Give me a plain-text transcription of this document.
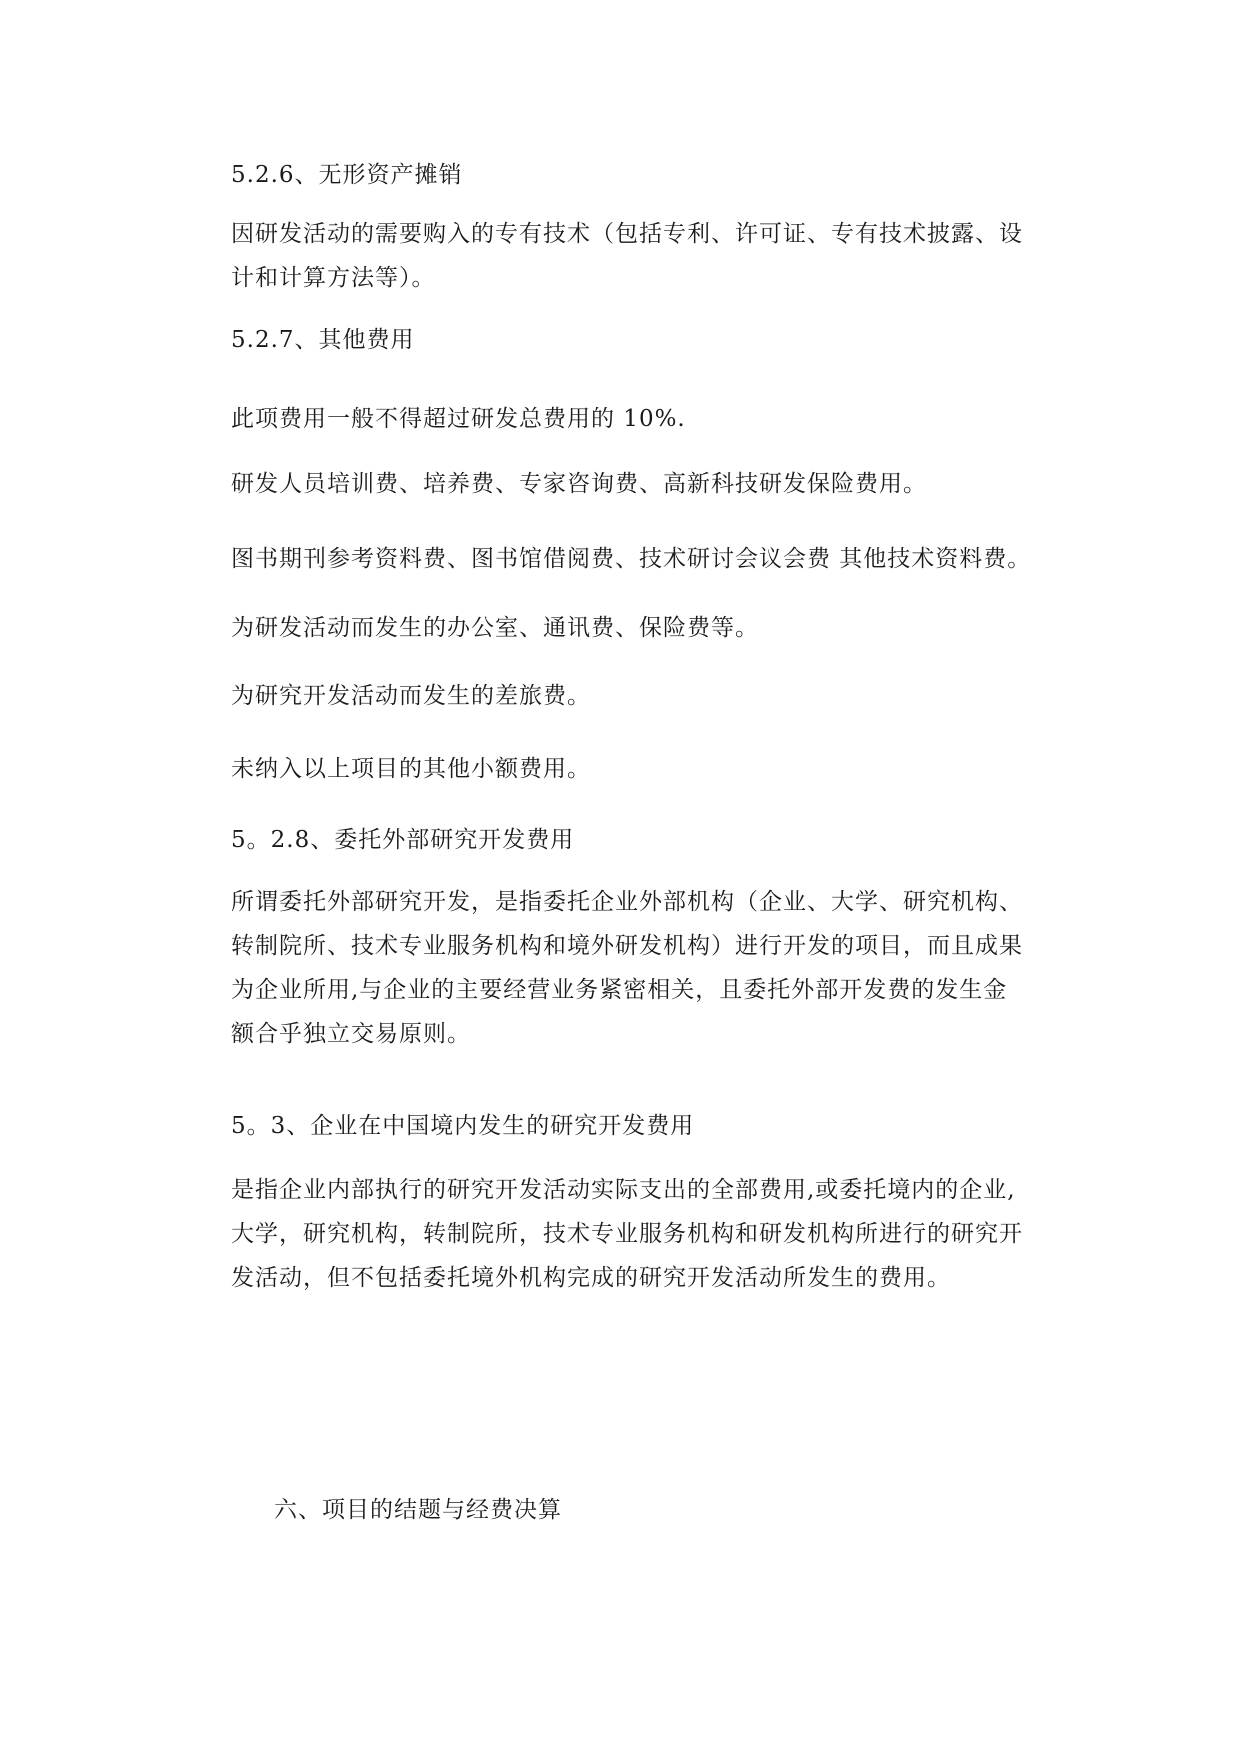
5.2.6、无形资产摊销

因研发活动的需要购入的专有技术（包括专利、许可证、专有技术披露、设
计和计算方法等）。

5.2.7、其他费用

此项费用一般不得超过研发总费用的 10%.

研发人员培训费、培养费、专家咨询费、高新科技研发保险费用。

图书期刊参考资料费、图书馆借阅费、技术研讨会议会费 其他技术资料费。

为研发活动而发生的办公室、通讯费、保险费等。

为研究开发活动而发生的差旅费。

未纳入以上项目的其他小额费用。

5。2.8、委托外部研究开发费用

所谓委托外部研究开发，是指委托企业外部机构（企业、大学、研究机构、
转制院所、技术专业服务机构和境外研发机构）进行开发的项目，而且成果
为企业所用,与企业的主要经营业务紧密相关，且委托外部开发费的发生金
额合乎独立交易原则。

5。3、企业在中国境内发生的研究开发费用

是指企业内部执行的研究开发活动实际支出的全部费用,或委托境内的企业,
大学，研究机构，转制院所，技术专业服务机构和研发机构所进行的研究开
发活动，但不包括委托境外机构完成的研究开发活动所发生的费用。

六、项目的结题与经费决算
